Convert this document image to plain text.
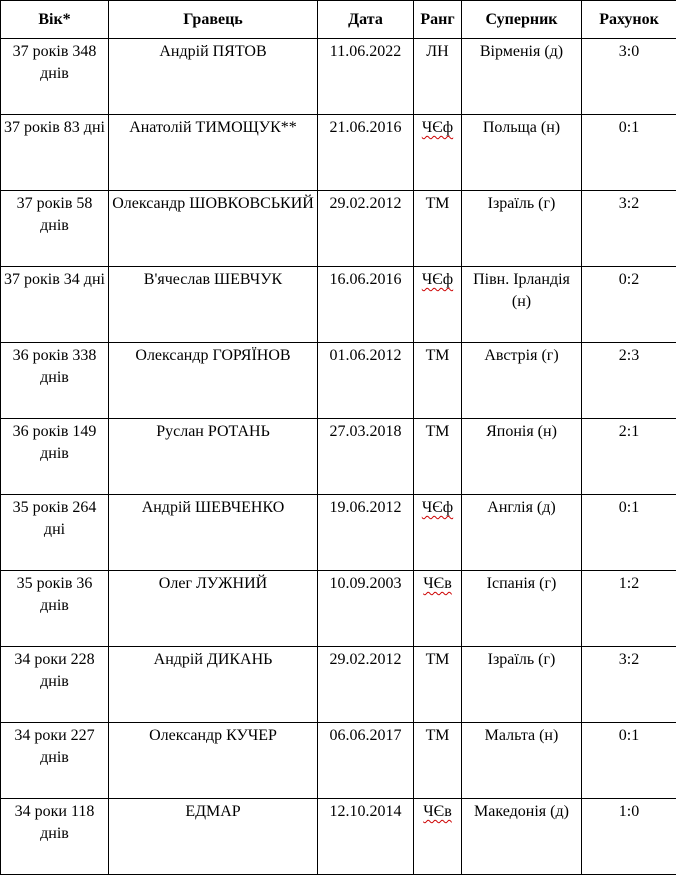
Вік*	Гравець	Дата	Ранг	Суперник	Рахунок
37 років 348 днів	Андрій ПЯТОВ	11.06.2022	ЛН	Вірменія (д)	3:0
37 років 83 дні	Анатолій ТИМОЩУК**	21.06.2016	ЧЄф	Польща (н)	0:1
37 років 58 днів	Олександр ШОВКОВСЬКИЙ	29.02.2012	ТМ	Ізраїль (г)	3:2
37 років 34 дні	В'ячеслав ШЕВЧУК	16.06.2016	ЧЄф	Півн. Ірландія (н)	0:2
36 років 338 днів	Олександр ГОРЯЇНОВ	01.06.2012	ТМ	Австрія (г)	2:3
36 років 149 днів	Руслан РОТАНЬ	27.03.2018	ТМ	Японія (н)	2:1
35 років 264 дні	Андрій ШЕВЧЕНКО	19.06.2012	ЧЄф	Англія (д)	0:1
35 років 36 днів	Олег ЛУЖНИЙ	10.09.2003	ЧЄв	Іспанія (г)	1:2
34 роки 228 днів	Андрій ДИКАНЬ	29.02.2012	ТМ	Ізраїль (г)	3:2
34 роки 227 днів	Олександр КУЧЕР	06.06.2017	ТМ	Мальта (н)	0:1
34 роки 118 днів	ЕДМАР	12.10.2014	ЧЄв	Македонія (д)	1:0
